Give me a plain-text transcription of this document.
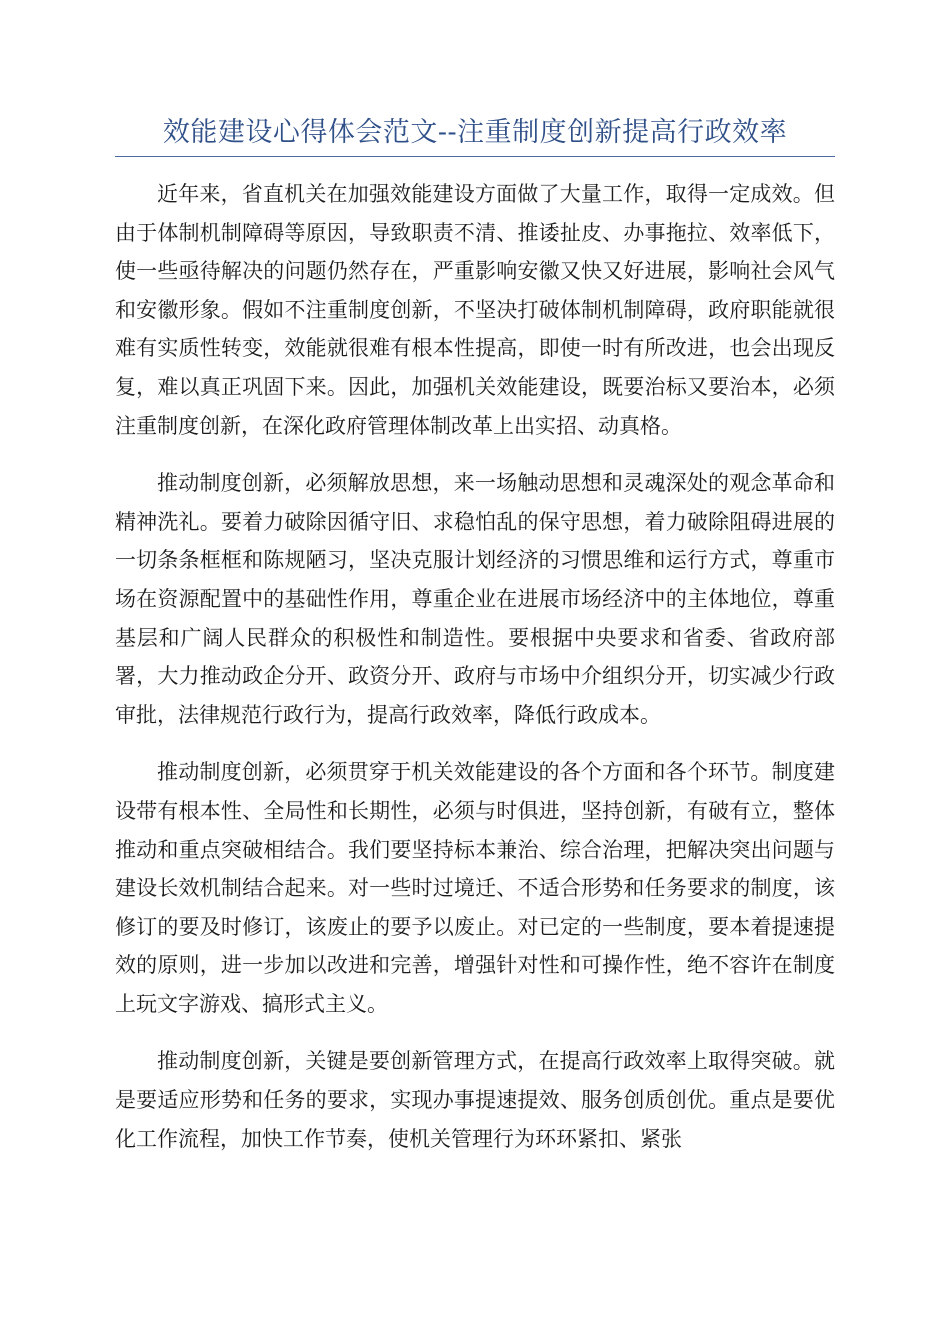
效能建设心得体会范文--注重制度创新提高行政效率

近年来，省直机关在加强效能建设方面做了大量工作，取得一定成效。但由于体制机制障碍等原因，导致职责不清、推诿扯皮、办事拖拉、效率低下，使一些亟待解决的问题仍然存在，严重影响安徽又快又好进展，影响社会风气和安徽形象。假如不注重制度创新，不坚决打破体制机制障碍，政府职能就很难有实质性转变，效能就很难有根本性提高，即使一时有所改进，也会出现反复，难以真正巩固下来。因此，加强机关效能建设，既要治标又要治本，必须注重制度创新，在深化政府管理体制改革上出实招、动真格。

推动制度创新，必须解放思想，来一场触动思想和灵魂深处的观念革命和精神洗礼。要着力破除因循守旧、求稳怕乱的保守思想，着力破除阻碍进展的一切条条框框和陈规陋习，坚决克服计划经济的习惯思维和运行方式，尊重市场在资源配置中的基础性作用，尊重企业在进展市场经济中的主体地位，尊重基层和广阔人民群众的积极性和制造性。要根据中央要求和省委、省政府部署，大力推动政企分开、政资分开、政府与市场中介组织分开，切实减少行政审批，法律规范行政行为，提高行政效率，降低行政成本。

推动制度创新，必须贯穿于机关效能建设的各个方面和各个环节。制度建设带有根本性、全局性和长期性，必须与时俱进，坚持创新，有破有立，整体推动和重点突破相结合。我们要坚持标本兼治、综合治理，把解决突出问题与建设长效机制结合起来。对一些时过境迁、不适合形势和任务要求的制度，该修订的要及时修订，该废止的要予以废止。对已定的一些制度，要本着提速提效的原则，进一步加以改进和完善，增强针对性和可操作性，绝不容许在制度上玩文字游戏、搞形式主义。

推动制度创新，关键是要创新管理方式，在提高行政效率上取得突破。就是要适应形势和任务的要求，实现办事提速提效、服务创质创优。重点是要优化工作流程，加快工作节奏，使机关管理行为环环紧扣、紧张
